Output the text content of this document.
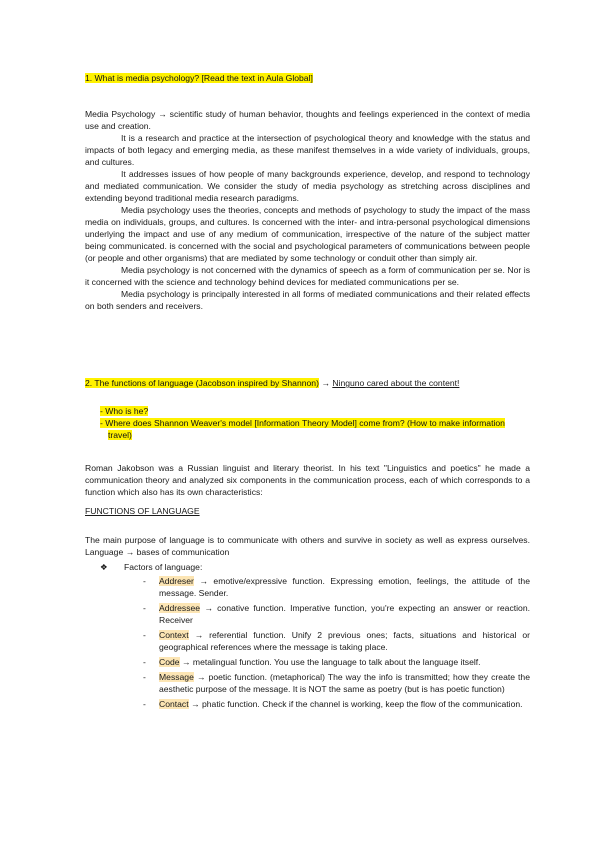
1. What is media psychology? [Read the text in Aula Global]

Media Psychology → scientific study of human behavior, thoughts and feelings experienced in the context of media use and creation.

It is a research and practice at the intersection of psychological theory and knowledge with the status and impacts of both legacy and emerging media, as these manifest themselves in a wide variety of individuals, groups, and cultures.

It addresses issues of how people of many backgrounds experience, develop, and respond to technology and mediated communication. We consider the study of media psychology as stretching across disciplines and extending beyond traditional media research paradigms.

Media psychology uses the theories, concepts and methods of psychology to study the impact of the mass media on individuals, groups, and cultures. Is concerned with the inter- and intra-personal psychological dimensions underlying the impact and use of any medium of communication, irrespective of the nature of the subject matter being communicated. is concerned with the social and psychological parameters of communications between people (or people and other organisms) that are mediated by some technology or conduit other than simply air.

Media psychology is not concerned with the dynamics of speech as a form of communication per se. Nor is it concerned with the science and technology behind devices for mediated communications per se.

Media psychology is principally interested in all forms of mediated communications and their related effects on both senders and receivers.

2. The functions of language (Jacobson inspired by Shannon) → Ninguno cared about the content!

- Who is he?

- Where does Shannon Weaver's model [Information Theory Model] come from? (How to make information travel)

Roman Jakobson was a Russian linguist and literary theorist. In his text "Linguistics and poetics" he made a communication theory and analyzed six components in the communication process, each of which corresponds to a function which also has its own characteristics:

FUNCTIONS OF LANGUAGE

The main purpose of language is to communicate with others and survive in society as well as express ourselves. Language → bases of communication

❖ Factors of language:
- Addreser → emotive/expressive function. Expressing emotion, feelings, the attitude of the message. Sender.
- Addressee → conative function. Imperative function, you're expecting an answer or reaction. Receiver
- Context → referential function. Unify 2 previous ones; facts, situations and historical or geographical references where the message is taking place.
- Code → metalingual function. You use the language to talk about the language itself.
- Message → poetic function. (metaphorical) The way the info is transmitted; how they create the aesthetic purpose of the message. It is NOT the same as poetry (but is has poetic function)
- Contact → phatic function. Check if the channel is working, keep the flow of the communication.
